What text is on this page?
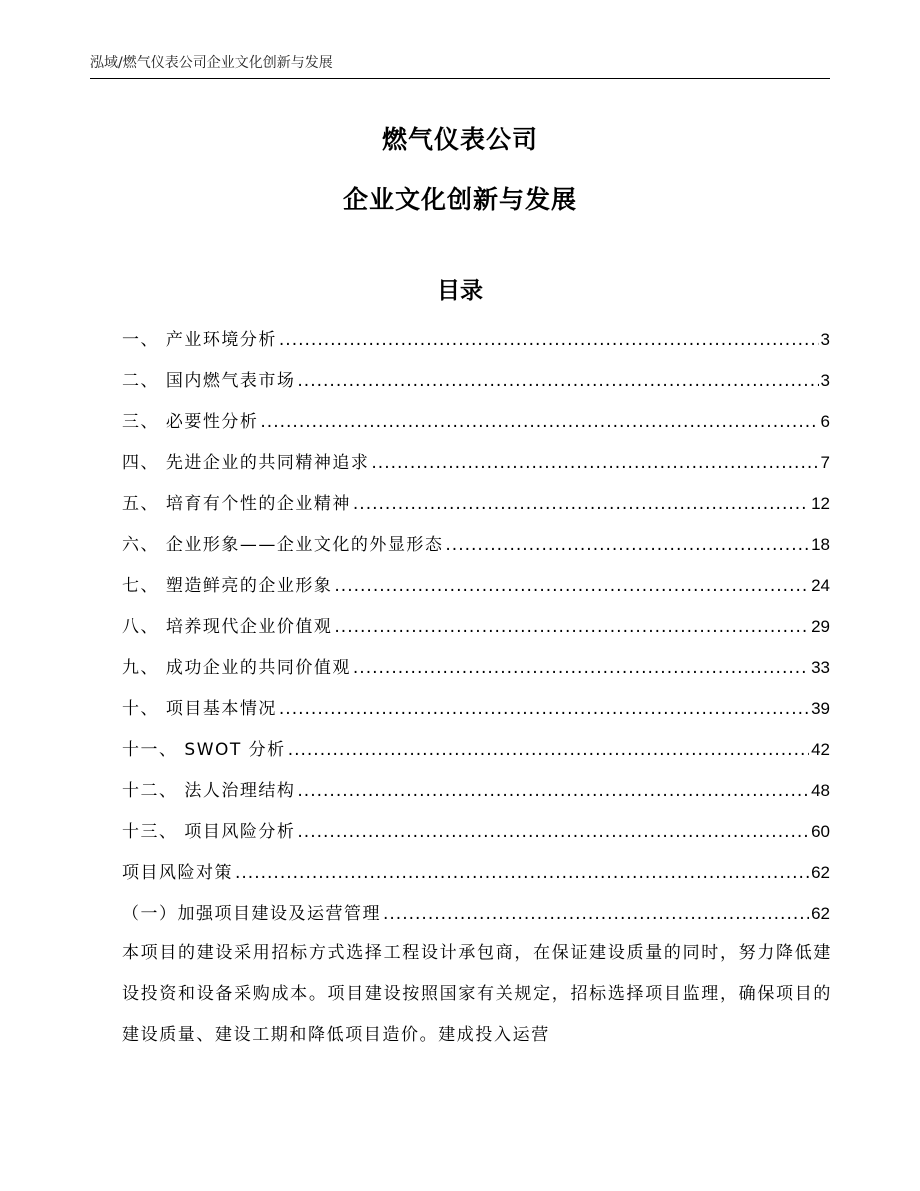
泓域/燃气仪表公司企业文化创新与发展
燃气仪表公司
企业文化创新与发展
目录
一、 产业环境分析 .....	3
二、 国内燃气表市场 .....	3
三、 必要性分析 .....	6
四、 先进企业的共同精神追求 .....	7
五、 培育有个性的企业精神 .....	12
六、 企业形象——企业文化的外显形态 .....	18
七、 塑造鲜亮的企业形象 .....	24
八、 培养现代企业价值观 .....	29
九、 成功企业的共同价值观 .....	33
十、 项目基本情况 .....	39
十一、 SWOT 分析 .....	42
十二、 法人治理结构 .....	48
十三、 项目风险分析 .....	60
项目风险对策 .....	62
（一）加强项目建设及运营管理 .....	62

本项目的建设采用招标方式选择工程设计承包商，在保证建设质量的同时，努力降低建设投资和设备采购成本。项目建设按照国家有关规定，招标选择项目监理，确保项目的建设质量、建设工期和降低项目造价。建成投入运营
